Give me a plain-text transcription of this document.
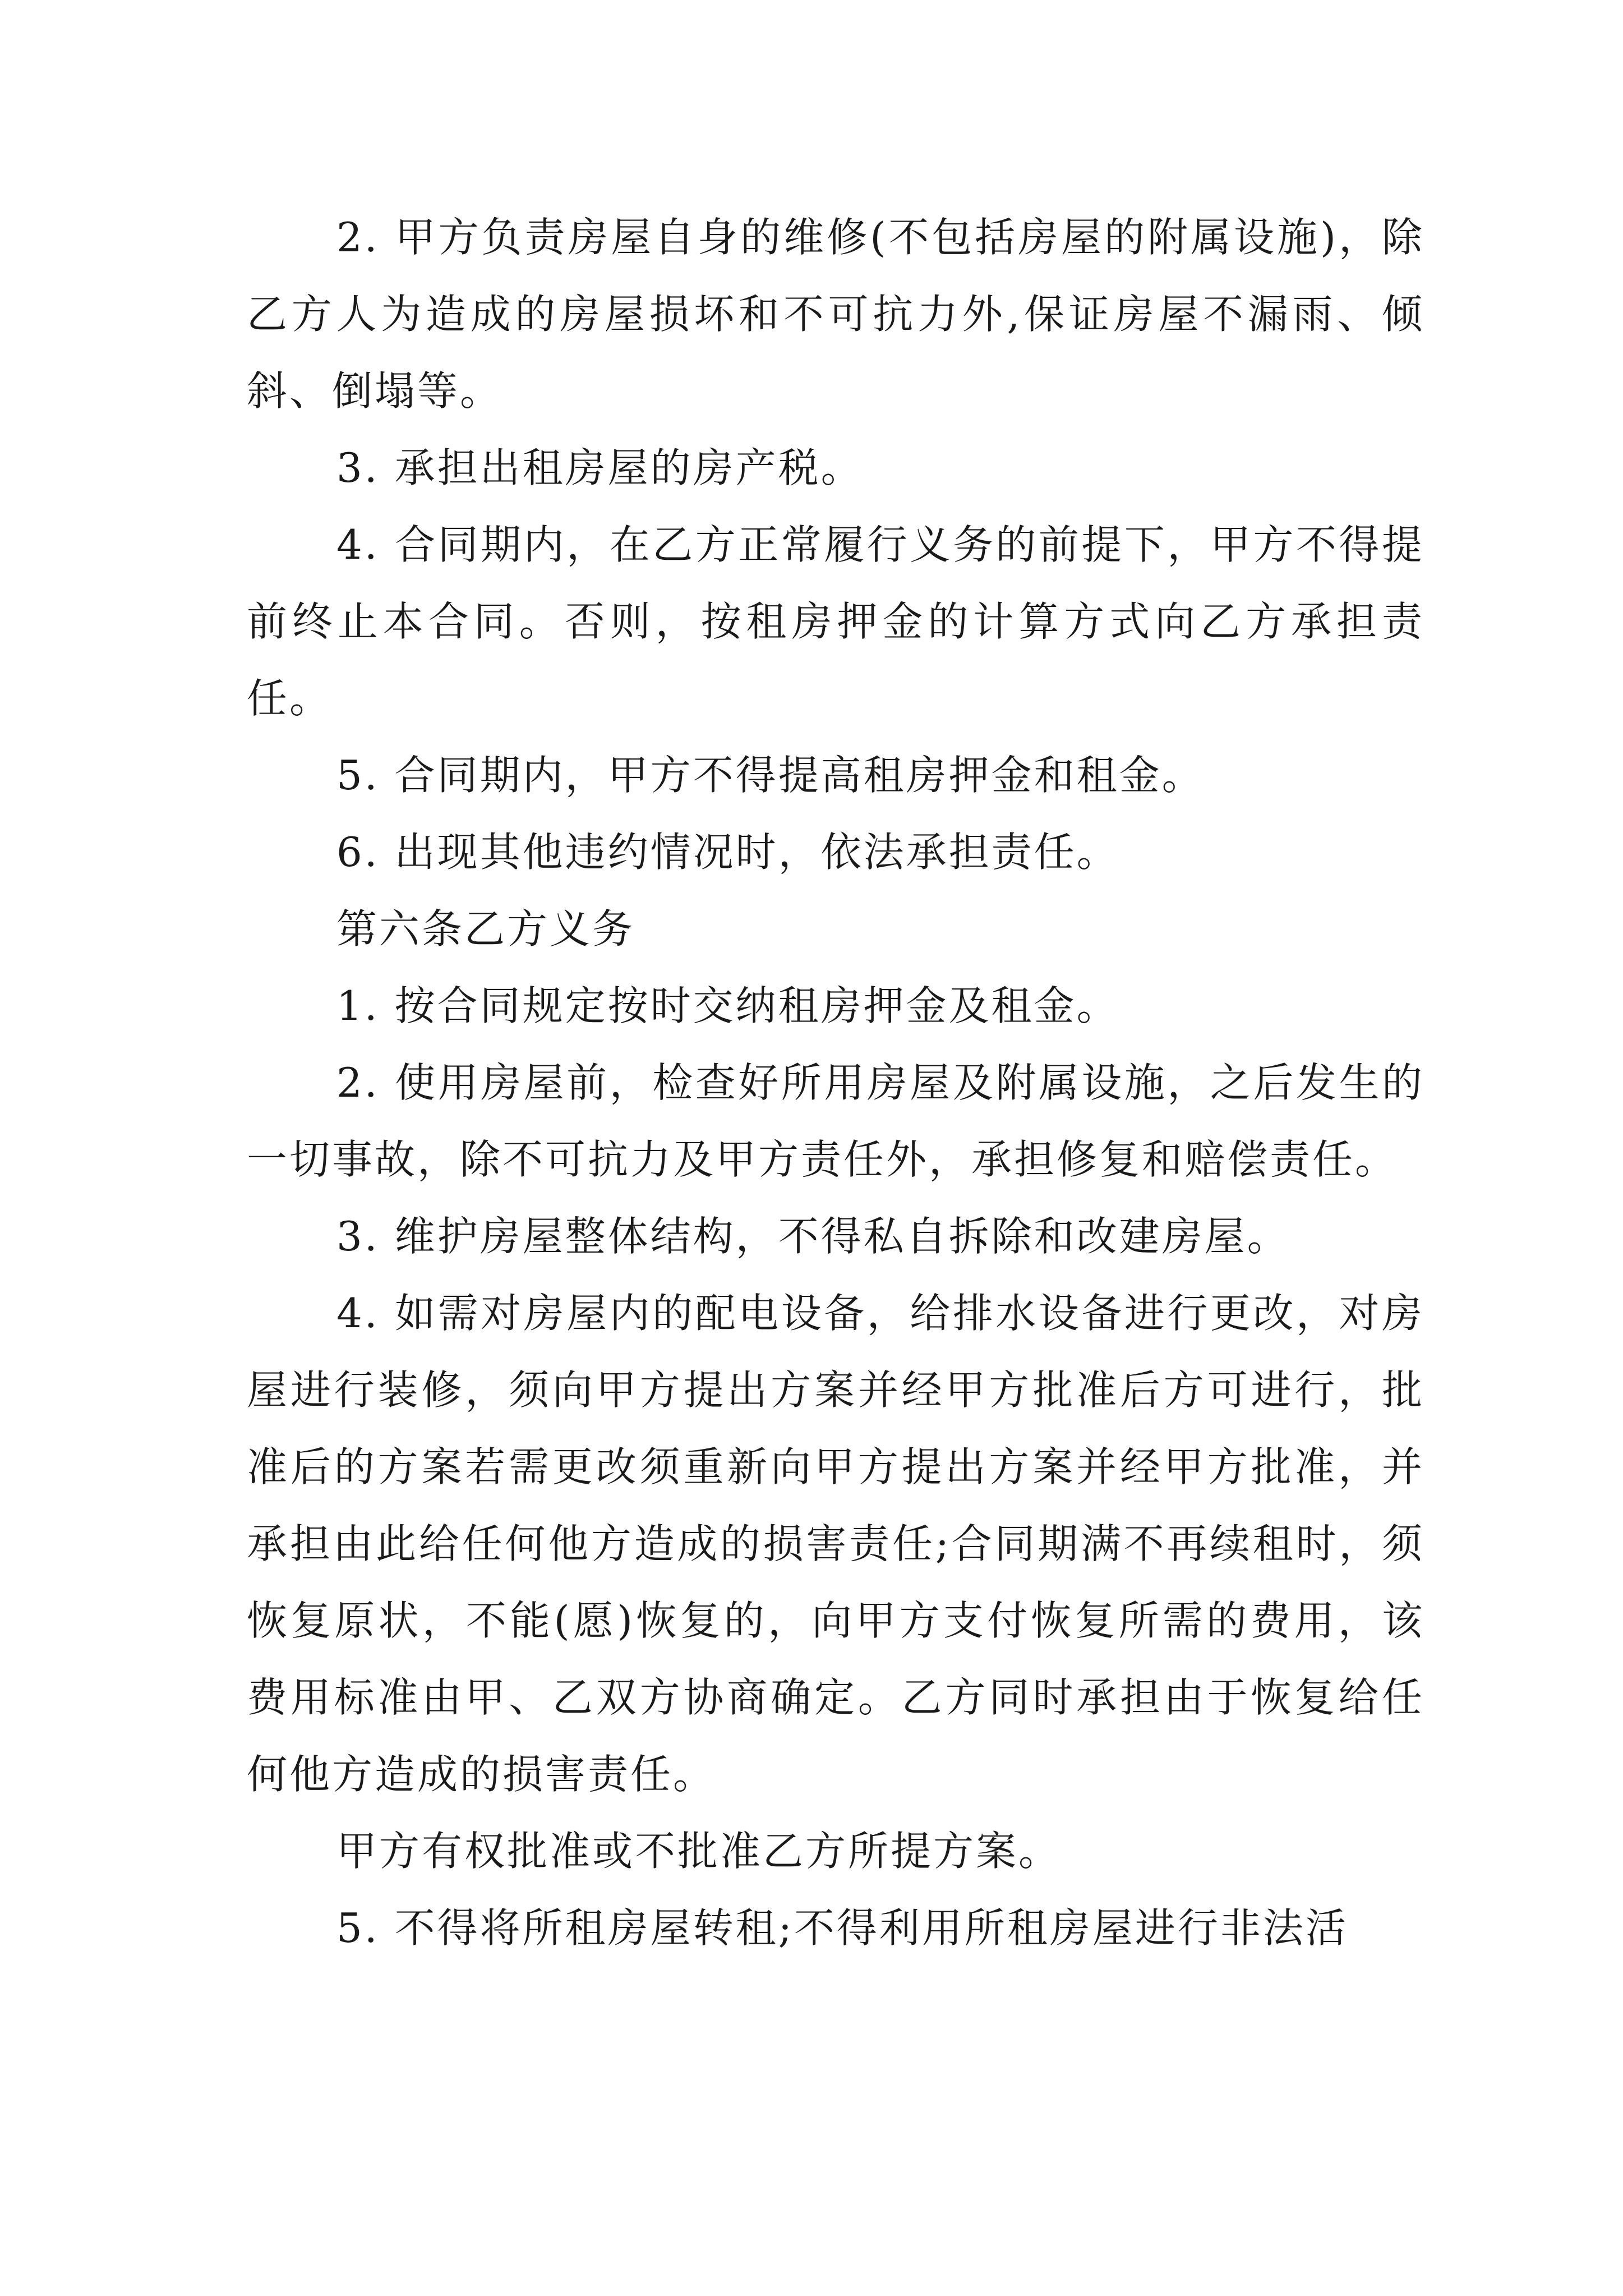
2. 甲方负责房屋自身的维修(不包括房屋的附属设施)，除乙方人为造成的房屋损坏和不可抗力外,保证房屋不漏雨、倾斜、倒塌等。

3. 承担出租房屋的房产税。

4. 合同期内，在乙方正常履行义务的前提下，甲方不得提前终止本合同。否则，按租房押金的计算方式向乙方承担责任。

5. 合同期内，甲方不得提高租房押金和租金。

6. 出现其他违约情况时，依法承担责任。

第六条乙方义务

1. 按合同规定按时交纳租房押金及租金。

2. 使用房屋前，检查好所用房屋及附属设施，之后发生的一切事故，除不可抗力及甲方责任外，承担修复和赔偿责任。

3. 维护房屋整体结构，不得私自拆除和改建房屋。

4. 如需对房屋内的配电设备，给排水设备进行更改，对房屋进行装修，须向甲方提出方案并经甲方批准后方可进行，批准后的方案若需更改须重新向甲方提出方案并经甲方批准，并承担由此给任何他方造成的损害责任;合同期满不再续租时，须恢复原状，不能(愿)恢复的，向甲方支付恢复所需的费用，该费用标准由甲、乙双方协商确定。乙方同时承担由于恢复给任何他方造成的损害责任。

甲方有权批准或不批准乙方所提方案。

5. 不得将所租房屋转租;不得利用所租房屋进行非法活
